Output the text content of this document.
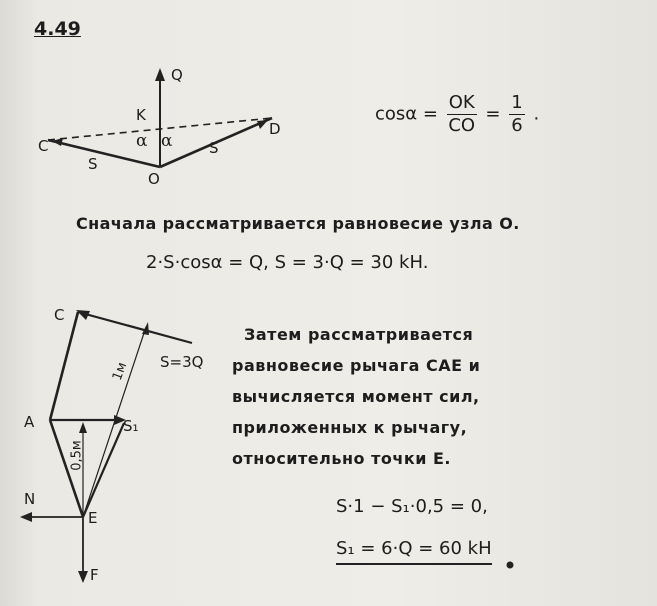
4.49
Q
K
C
D
S
S
O
α α
$\cos\alpha = \frac{OK}{CO} = \frac{1}{6}$ .
Сначала рассматривается равновесие узла О.
2·S·cosα = Q, S = 3·Q = 30 kH.
C
1м S=3Q
A	S₁
0,5м
N
E
F
Затем рассматривается
равновесие рычага CAE и
вычисляется момент сил,
приложенных к рычагу,
относительно точки Е.
S·1 − S₁·0,5 = 0,
S₁ = 6·Q = 60 kH
